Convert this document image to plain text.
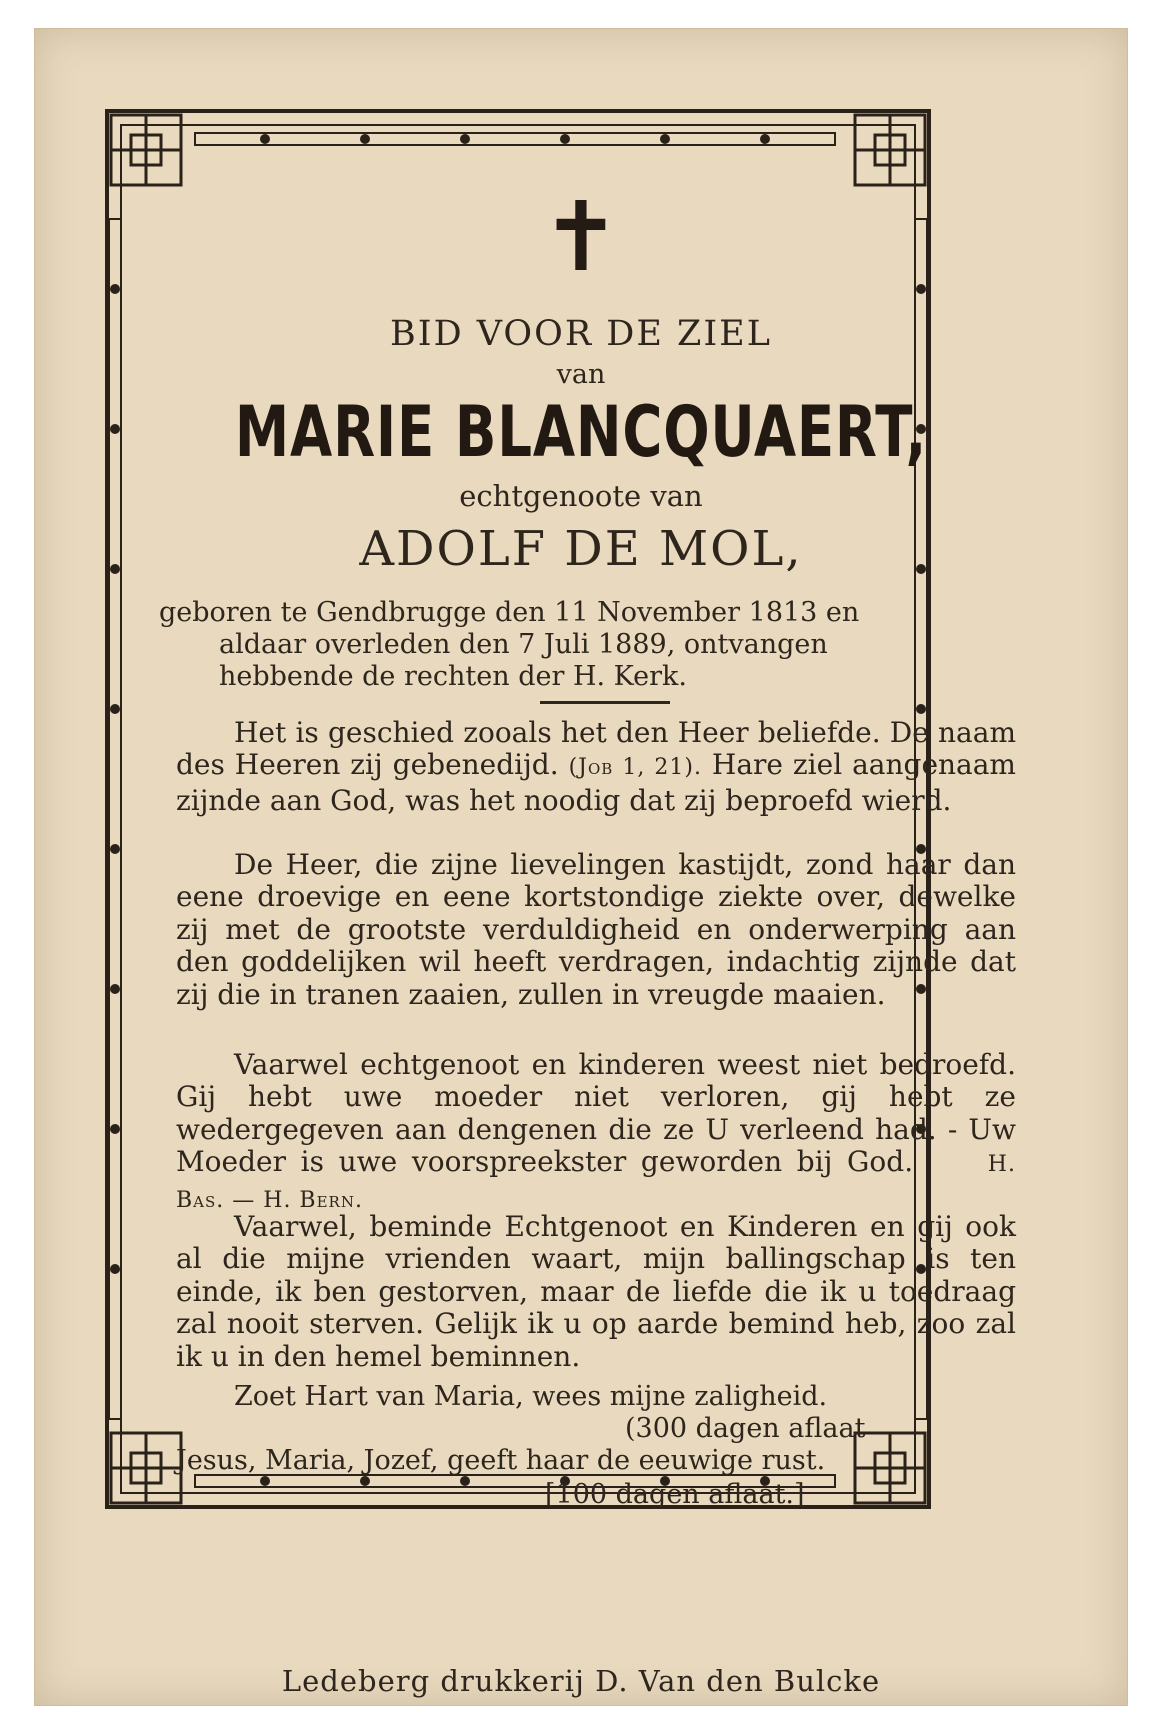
✝
BID VOOR DE ZIEL
van
MARIE BLANCQUAERT,
echtgenoote van
ADOLF DE MOL,
geboren te Gendbrugge den 11 November 1813 en
aldaar overleden den 7 Juli 1889, ontvangen
hebbende de rechten der H. Kerk.
Het is geschied zooals het den Heer beliefde. De naam des Heeren zij gebenedijd. (Job 1, 21). Hare ziel aangenaam zijnde aan God, was het noodig dat zij beproefd wierd.
De Heer, die zijne lievelingen kastijdt, zond haar dan eene droevige en eene kortstondige ziekte over, dewelke zij met de grootste verduldigheid en onderwerping aan den goddelijken wil heeft verdragen, indachtig zijnde dat zij die in tranen zaaien, zullen in vreugde maaien.
Vaarwel echtgenoot en kinderen weest niet bedroefd. Gij hebt uwe moeder niet verloren, gij hebt ze wedergegeven aan dengenen die ze U verleend had. - Uw Moeder is uwe voorspreekster geworden bij God.	H. Bas. — H. Bern.
Vaarwel, beminde Echtgenoot en Kinderen en gij ook al die mijne vrienden waart, mijn ballingschap is ten einde, ik ben gestorven, maar de liefde die ik u toedraag zal nooit sterven. Gelijk ik u op aarde bemind heb, zoo zal ik u in den hemel beminnen.
Zoet Hart van Maria, wees mijne zaligheid.
(300 dagen aflaat
Jesus, Maria, Jozef, geeft haar de eeuwige rust.
[100 dagen aflaat.]
Ledeberg drukkerij D. Van den Bulcke
